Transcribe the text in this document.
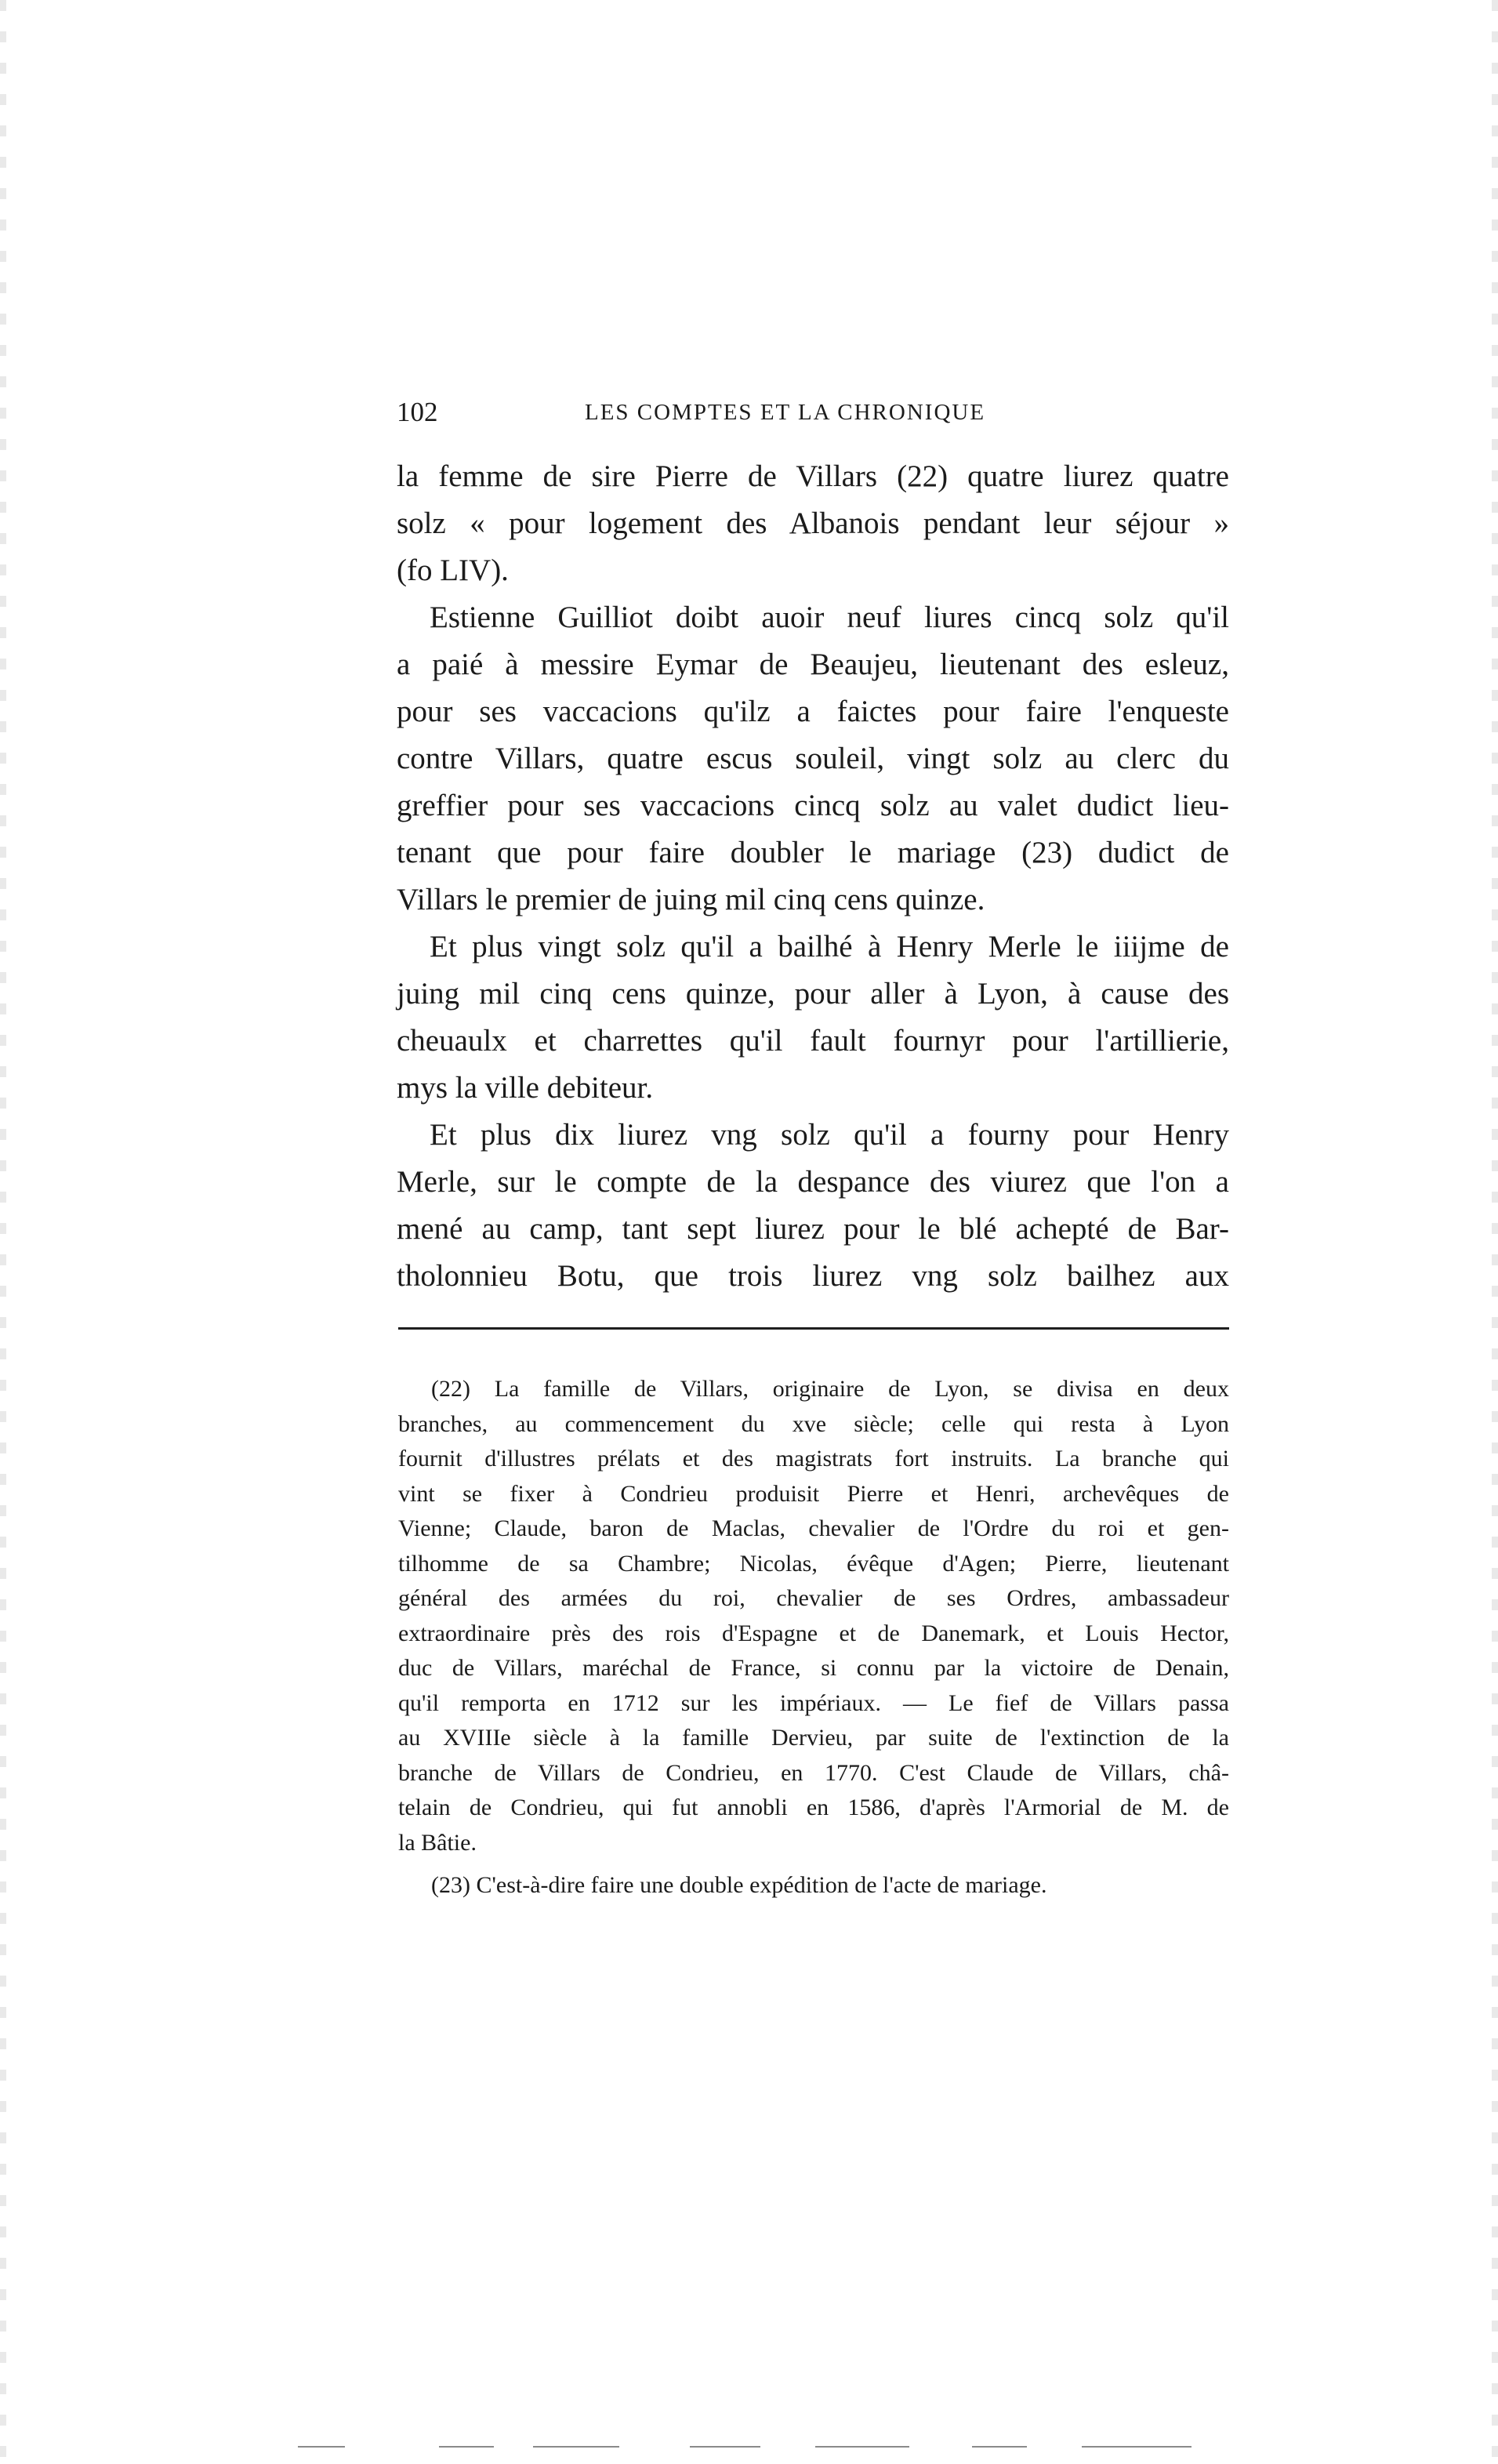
102	LES COMPTES ET LA CHRONIQUE
la femme de sire Pierre de Villars (22) quatre liurez quatre
solz « pour logement des Albanois pendant leur séjour »
(fo LIV).
Estienne Guilliot doibt auoir neuf liures cincq solz qu'il
a paié à messire Eymar de Beaujeu, lieutenant des esleuz,
pour ses vaccacions qu'ilz a faictes pour faire l'enqueste
contre Villars, quatre escus souleil, vingt solz au clerc du
greffier pour ses vaccacions cincq solz au valet dudict lieu-
tenant que pour faire doubler le mariage (23) dudict de
Villars le premier de juing mil cinq cens quinze.
Et plus vingt solz qu'il a bailhé à Henry Merle le iiijme de
juing mil cinq cens quinze, pour aller à Lyon, à cause des
cheuaulx et charrettes qu'il fault fournyr pour l'artillierie,
mys la ville debiteur.
Et plus dix liurez vng solz qu'il a fourny pour Henry
Merle, sur le compte de la despance des viurez que l'on a
mené au camp, tant sept liurez pour le blé achepté de Bar-
tholonnieu Botu, que trois liurez vng solz bailhez aux
(22) La famille de Villars, originaire de Lyon, se divisa en deux
branches, au commencement du xve siècle; celle qui resta à Lyon
fournit d'illustres prélats et des magistrats fort instruits. La branche qui
vint se fixer à Condrieu produisit Pierre et Henri, archevêques de
Vienne; Claude, baron de Maclas, chevalier de l'Ordre du roi et gen-
tilhomme de sa Chambre; Nicolas, évêque d'Agen; Pierre, lieutenant
général des armées du roi, chevalier de ses Ordres, ambassadeur
extraordinaire près des rois d'Espagne et de Danemark, et Louis Hector,
duc de Villars, maréchal de France, si connu par la victoire de Denain,
qu'il remporta en 1712 sur les impériaux. — Le fief de Villars passa
au XVIIIe siècle à la famille Dervieu, par suite de l'extinction de la
branche de Villars de Condrieu, en 1770. C'est Claude de Villars, châ-
telain de Condrieu, qui fut annobli en 1586, d'après l'Armorial de M. de
la Bâtie.
(23) C'est-à-dire faire une double expédition de l'acte de mariage.
